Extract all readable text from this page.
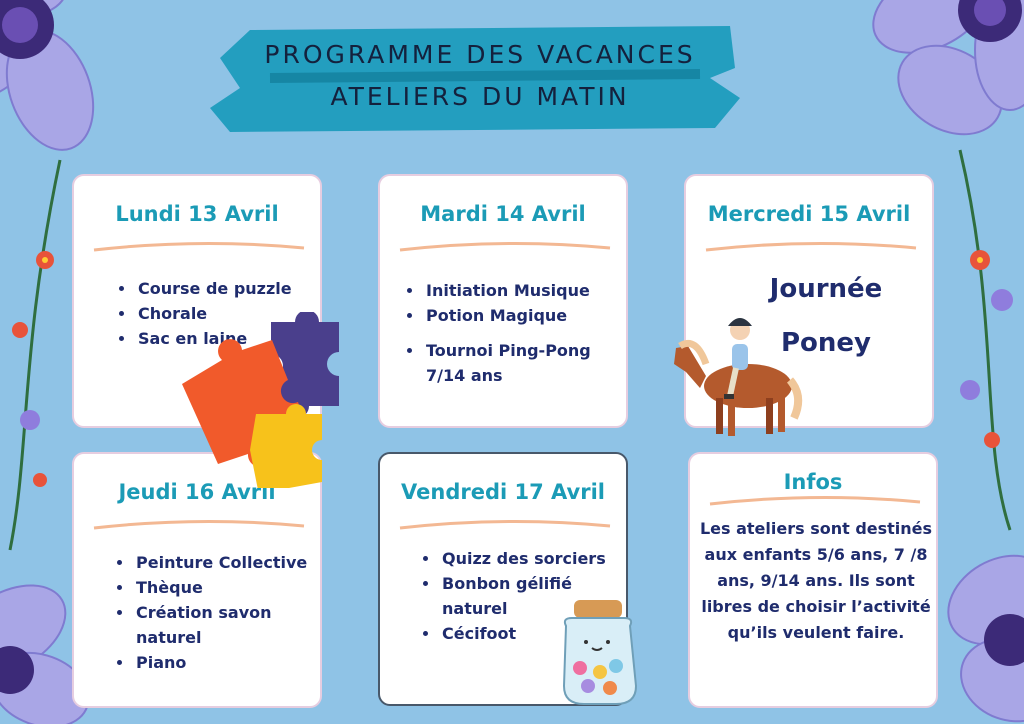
PROGRAMME DES VACANCES
ATELIERS DU MATIN
Lundi 13 Avril
• Course de puzzle
• Chorale
• Sac en laine
Mardi 14 Avril
• Initiation Musique
• Potion Magique
• Tournoi Ping-Pong 7/14 ans
Mercredi 15 Avril
Journée
Poney
Jeudi 16 Avril
• Peinture Collective
• Thèque
• Création savon naturel
• Piano
Vendredi 17 Avril
• Quizz des sorciers
• Bonbon gélifié naturel
• Cécifoot
Infos
Les ateliers sont destinés aux enfants 5/6 ans, 7 /8 ans, 9/14 ans. Ils sont libres de choisir l’activité qu’ils veulent faire.
